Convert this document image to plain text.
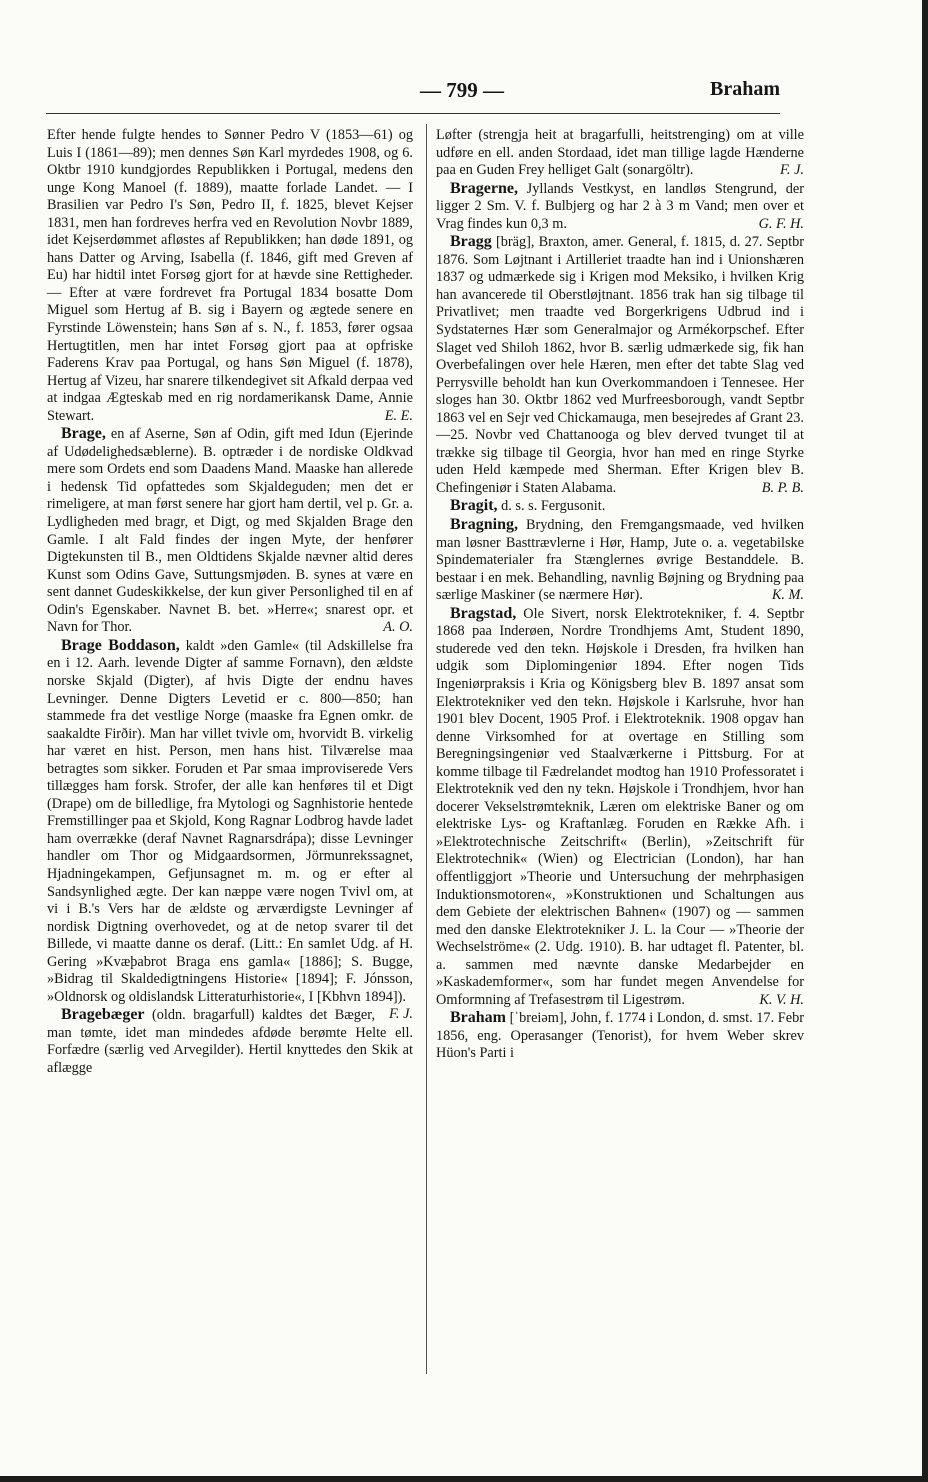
— 799 —	Braham

Efter hende fulgte hendes to Sønner Pedro V (1853—61) og Luis I (1861—89); men dennes Søn Karl myrdedes 1908, og 6. Oktbr 1910 kundgjordes Republikken i Portugal, medens den unge Kong Manoel (f. 1889), maatte forlade Landet. — I Brasilien var Pedro I's Søn, Pedro II, f. 1825, blevet Kejser 1831, men han fordreves herfra ved en Revolution Novbr 1889, idet Kejserdømmet afløstes af Republikken; han døde 1891, og hans Datter og Arving, Isabella (f. 1846, gift med Greven af Eu) har hidtil intet Forsøg gjort for at hævde sine Rettigheder. — Efter at være fordrevet fra Portugal 1834 bosatte Dom Miguel som Hertug af B. sig i Bayern og ægtede senere en Fyrstinde Löwenstein; hans Søn af s. N., f. 1853, fører ogsaa Hertugtitlen, men har intet Forsøg gjort paa at opfriske Faderens Krav paa Portugal, og hans Søn Miguel (f. 1878), Hertug af Vizeu, har snarere tilkendegivet sit Afkald derpaa ved at indgaa Ægteskab med en rig nordamerikansk Dame, Annie Stewart.	E. E.

Brage, en af Aserne, Søn af Odin, gift med Idun (Ejerinde af Udødelighedsæblerne). B. optræder i de nordiske Oldkvad mere som Ordets end som Daadens Mand. Maaske han allerede i hedensk Tid opfattedes som Skjaldeguden; men det er rimeligere, at man først senere har gjort ham dertil, vel p. Gr. a. Lydligheden med bragr, et Digt, og med Skjalden Brage den Gamle. I alt Fald findes der ingen Myte, der henfører Digtekunsten til B., men Oldtidens Skjalde nævner altid deres Kunst som Odins Gave, Suttungsmjøden. B. synes at være en sent dannet Gudeskikkelse, der kun giver Personlighed til en af Odin's Egenskaber. Navnet B. bet. »Herre«; snarest opr. et Navn for Thor.	A. O.

Brage Boddason, kaldt »den Gamle« (til Adskillelse fra en i 12. Aarh. levende Digter af samme Fornavn), den ældste norske Skjald (Digter), af hvis Digte der endnu haves Levninger. Denne Digters Levetid er c. 800—850; han stammede fra det vestlige Norge (maaske fra Egnen omkr. de saakaldte Firðir). Man har villet tvivle om, hvorvidt B. virkelig har været en hist. Person, men hans hist. Tilværelse maa betragtes som sikker. Foruden et Par smaa improviserede Vers tillægges ham forsk. Strofer, der alle kan henføres til et Digt (Drape) om de billedlige, fra Mytologi og Sagnhistorie hentede Fremstillinger paa et Skjold, Kong Ragnar Lodbrog havde ladet ham overrække (deraf Navnet Ragnarsdrápa); disse Levninger handler om Thor og Midgaardsormen, Jörmunrekssagnet, Hjadningekampen, Gefjunsagnet m. m. og er efter al Sandsynlighed ægte. Der kan næppe være nogen Tvivl om, at vi i B.'s Vers har de ældste og ærværdigste Levninger af nordisk Digtning overhovedet, og at de netop svarer til det Billede, vi maatte danne os deraf. (Litt.: En samlet Udg. af H. Gering »Kvæþabrot Braga ens gamla« [1886]; S. Bugge, »Bidrag til Skaldedigtningens Historie« [1894]; F. Jónsson, »Oldnorsk og oldislandsk Litteraturhistorie«, I [Kbhvn 1894]).
F. J.

Bragebæger (oldn. bragarfull) kaldtes det Bæger, man tømte, idet man mindedes afdøde berømte Helte ell. Forfædre (særlig ved Arvegilder). Hertil knyttedes den Skik at aflægge

Løfter (strengja heit at bragarfulli, heitstrenging) om at ville udføre en ell. anden Stordaad, idet man tillige lagde Hænderne paa en Guden Frey helliget Galt (sonargöltr).	F. J.

Bragerne, Jyllands Vestkyst, en landløs Stengrund, der ligger 2 Sm. V. f. Bulbjerg og har 2 à 3 m Vand; men over et Vrag findes kun 0,3 m.	G. F. H.

Bragg [bräg], Braxton, amer. General, f. 1815, d. 27. Septbr 1876. Som Løjtnant i Artilleriet traadte han ind i Unionshæren 1837 og udmærkede sig i Krigen mod Meksiko, i hvilken Krig han avancerede til Oberstløjtnant. 1856 trak han sig tilbage til Privatlivet; men traadte ved Borgerkrigens Udbrud ind i Sydstaternes Hær som Generalmajor og Armékorpschef. Efter Slaget ved Shiloh 1862, hvor B. særlig udmærkede sig, fik han Overbefalingen over hele Hæren, men efter det tabte Slag ved Perrysville beholdt han kun Overkommandoen i Tennesee. Her sloges han 30. Oktbr 1862 ved Murfreesborough, vandt Septbr 1863 vel en Sejr ved Chickamauga, men besejredes af Grant 23.—25. Novbr ved Chattanooga og blev derved tvunget til at trække sig tilbage til Georgia, hvor han med en ringe Styrke uden Held kæmpede med Sherman. Efter Krigen blev B. Chefingeniør i Staten Alabama.	B. P. B.

Bragit, d. s. s. Fergusonit.

Bragning, Brydning, den Fremgangsmaade, ved hvilken man løsner Basttrævlerne i Hør, Hamp, Jute o. a. vegetabilske Spindematerialer fra Stænglernes øvrige Bestanddele. B. bestaar i en mek. Behandling, navnlig Bøjning og Brydning paa særlige Maskiner (se nærmere Hør).	K. M.

Bragstad, Ole Sivert, norsk Elektrotekniker, f. 4. Septbr 1868 paa Inderøen, Nordre Trondhjems Amt, Student 1890, studerede ved den tekn. Højskole i Dresden, fra hvilken han udgik som Diplomingeniør 1894. Efter nogen Tids Ingeniørpraksis i Kria og Königsberg blev B. 1897 ansat som Elektrotekniker ved den tekn. Højskole i Karlsruhe, hvor han 1901 blev Docent, 1905 Prof. i Elektroteknik. 1908 opgav han denne Virksomhed for at overtage en Stilling som Beregningsingeniør ved Staalværkerne i Pittsburg. For at komme tilbage til Fædrelandet modtog han 1910 Professoratet i Elektroteknik ved den ny tekn. Højskole i Trondhjem, hvor han docerer Vekselstrømteknik, Læren om elektriske Baner og om elektriske Lys- og Kraftanlæg. Foruden en Række Afh. i »Elektrotechnische Zeitschrift« (Berlin), »Zeitschrift für Elektrotechnik« (Wien) og Electrician (London), har han offentliggjort »Theorie und Untersuchung der mehrphasigen Induktionsmotoren«, »Konstruktionen und Schaltungen aus dem Gebiete der elektrischen Bahnen« (1907) og — sammen med den danske Elektrotekniker J. L. la Cour — »Theorie der Wechselströme« (2. Udg. 1910). B. har udtaget fl. Patenter, bl. a. sammen med nævnte danske Medarbejder en »Kaskademformer«, som har fundet megen Anvendelse for Omformning af Trefasestrøm til Ligestrøm.	K. V. H.

Braham [ˈbreiəm], John, f. 1774 i London, d. smst. 17. Febr 1856, eng. Operasanger (Tenorist), for hvem Weber skrev Hüon's Parti i
